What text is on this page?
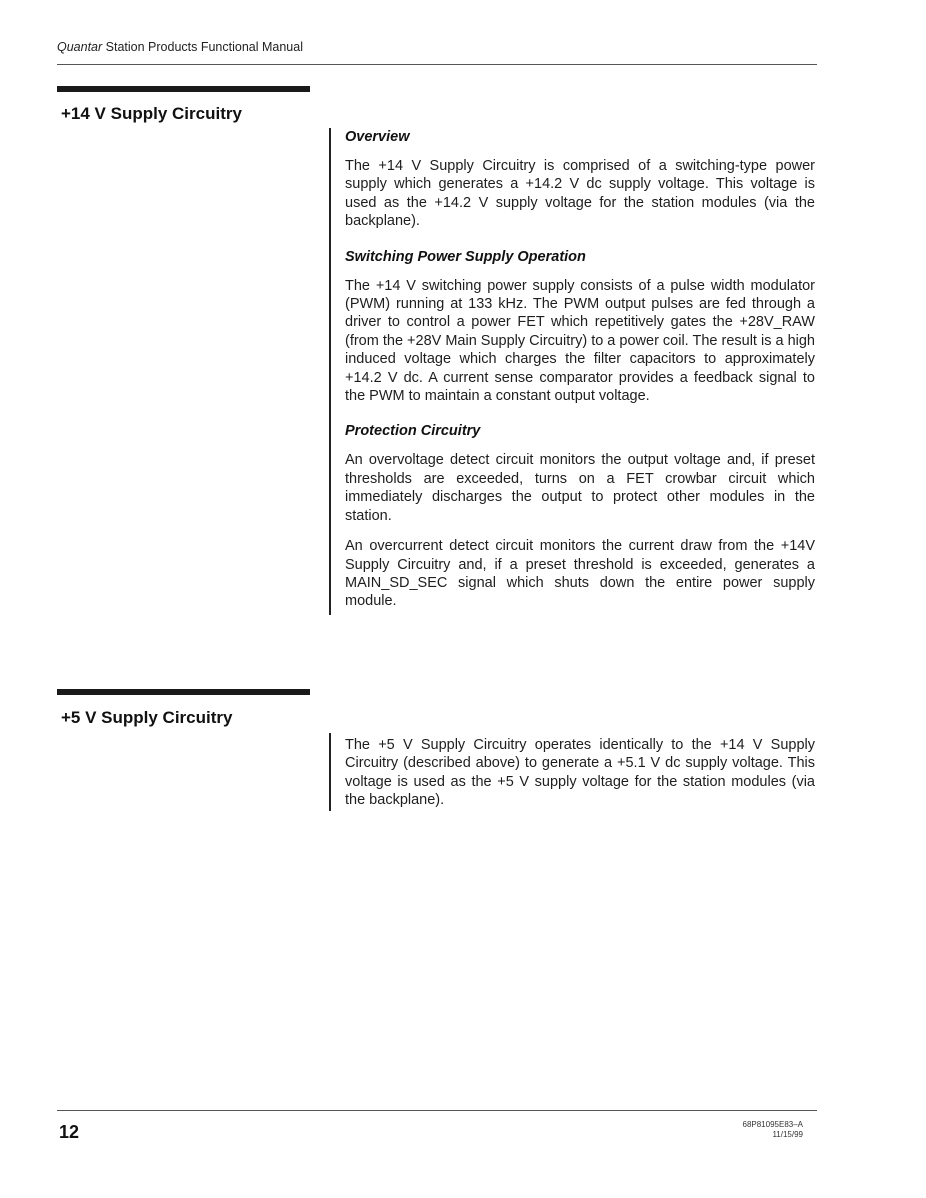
Quantar Station Products Functional Manual
+14 V Supply Circuitry

Overview

The +14 V Supply Circuitry is comprised of a switching-type power supply which generates a +14.2 V dc supply voltage. This voltage is used as the +14.2 V supply voltage for the station modules (via the backplane).

Switching Power Supply Operation

The +14 V switching power supply consists of a pulse width modulator (PWM) running at 133 kHz. The PWM output pulses are fed through a driver to control a power FET which repetitively gates the +28V_RAW (from the +28V Main Supply Circuitry) to a power coil. The result is a high induced voltage which charges the filter capacitors to approximately +14.2 V dc. A current sense comparator provides a feedback signal to the PWM to maintain a constant output voltage.

Protection Circuitry

An overvoltage detect circuit monitors the output voltage and, if preset thresholds are exceeded, turns on a FET crowbar circuit which immediately discharges the output to protect other modules in the station.

An overcurrent detect circuit monitors the current draw from the +14V Supply Circuitry and, if a preset threshold is exceeded, generates a MAIN_SD_SEC signal which shuts down the entire power supply module.

+5 V Supply Circuitry

The +5 V Supply Circuitry operates identically to the +14 V Supply Circuitry (described above) to generate a +5.1 V dc supply voltage. This voltage is used as the +5 V supply voltage for the station modules (via the backplane).

12	68P81095E83–A
11/15/99
